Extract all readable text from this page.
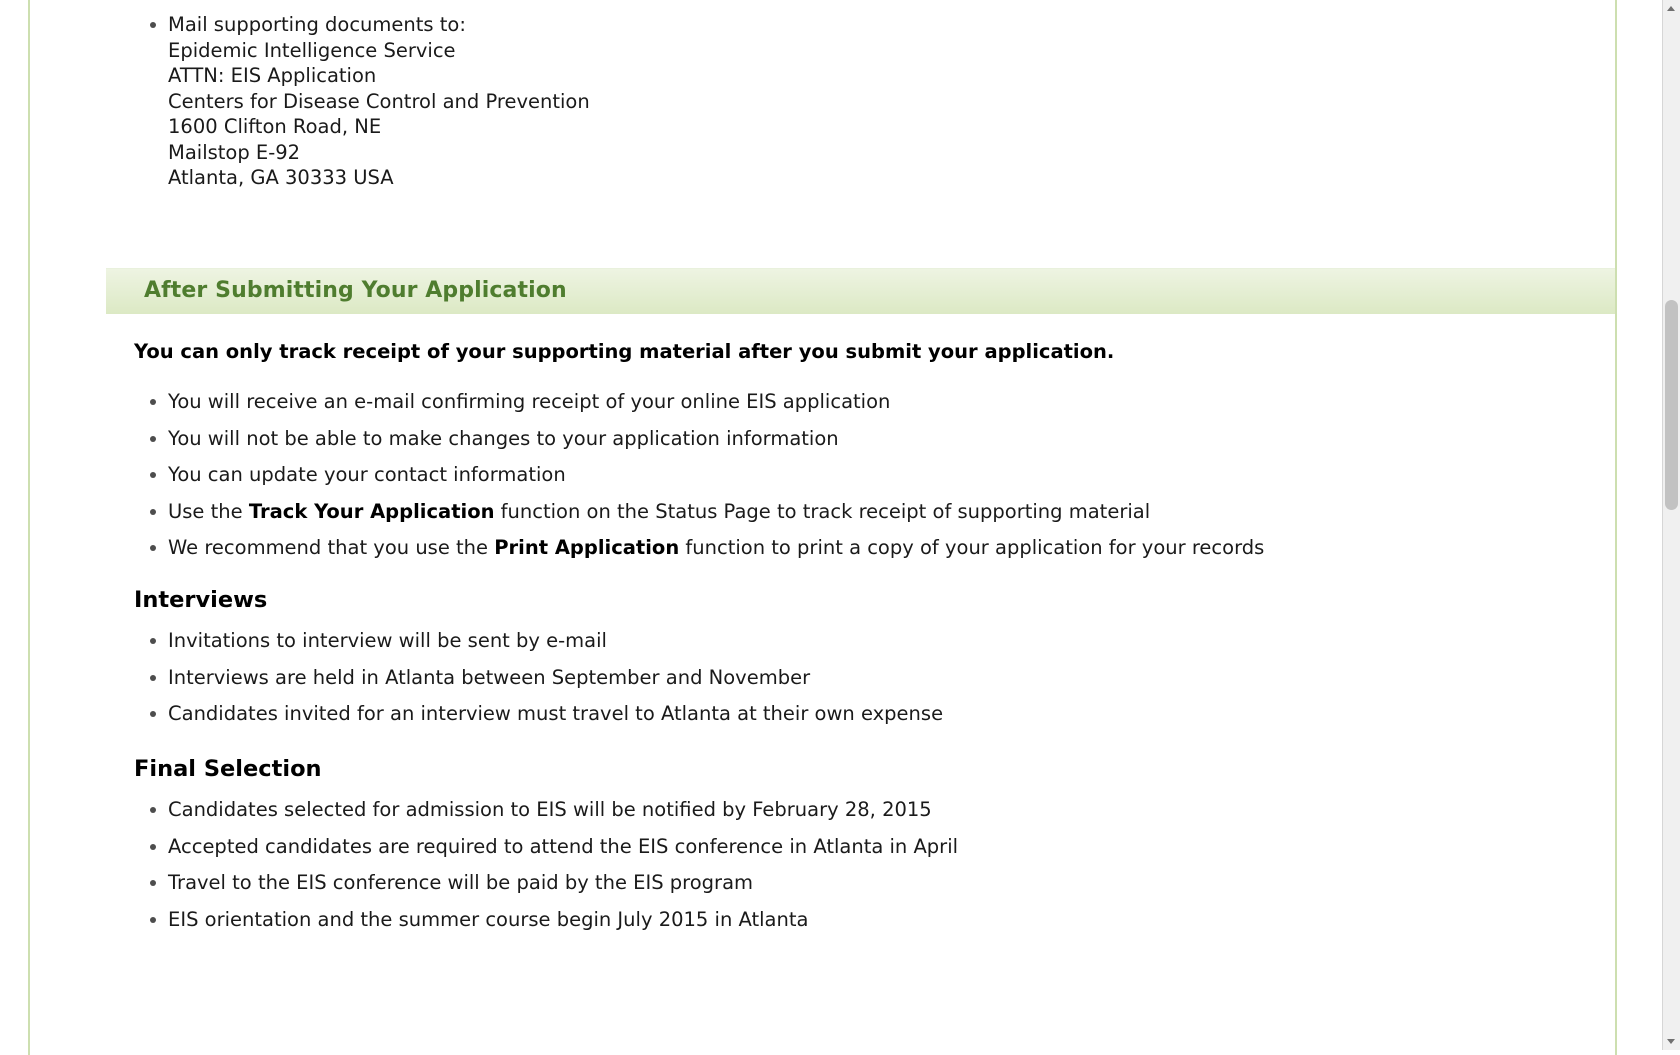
Mail supporting documents to:
Epidemic Intelligence Service
ATTN: EIS Application
Centers for Disease Control and Prevention
1600 Clifton Road, NE
Mailstop E-92
Atlanta, GA 30333 USA
After Submitting Your Application
You can only track receipt of your supporting material after you submit your application.
You will receive an e-mail confirming receipt of your online EIS application
You will not be able to make changes to your application information
You can update your contact information
Use the Track Your Application function on the Status Page to track receipt of supporting material
We recommend that you use the Print Application function to print a copy of your application for your records
Interviews
Invitations to interview will be sent by e-mail
Interviews are held in Atlanta between September and November
Candidates invited for an interview must travel to Atlanta at their own expense
Final Selection
Candidates selected for admission to EIS will be notified by February 28, 2015
Accepted candidates are required to attend the EIS conference in Atlanta in April
Travel to the EIS conference will be paid by the EIS program
EIS orientation and the summer course begin July 2015 in Atlanta
